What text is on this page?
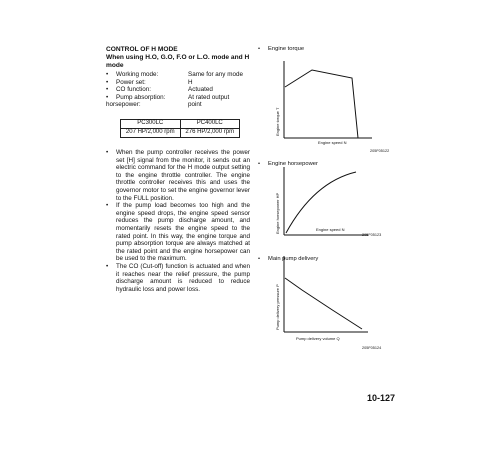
CONTROL OF H MODE
When using H.O, G.O, F.O or L.O. mode and H mode
• Working mode:	Same for any mode
• Power set:	H
• CO function:	Actuated
• Pump absorption:	At rated output
horsepower:	point
PC300LC	PC400LC
207 HP/2,000 rpm	276 HP/2,000 rpm
• When the pump controller receives the power set [H] signal from the monitor, it sends out an electric command for the H mode output setting to the engine throttle controller. The engine throttle controller receives this and uses the governor motor to set the engine governor lever to the FULL position.
• If the pump load becomes too high and the engine speed drops, the engine speed sensor reduces the pump discharge amount, and momentarily resets the engine speed to the rated point. In this way, the engine torque and pump absorption torque are always matched at the rated point and the engine horsepower can be used to the maximum.
• The CO (Cut-off) function is actuated and when it reaches near the relief pressure, the pump discharge amount is reduced to reduce hydraulic loss and power loss.
• Engine torque
Engine torque T
Engine speed N
205F05122
• Engine horsepower
Engine horsepower HP	Engine speed N
205F05123
• Main pump delivery
Pump delivery pressure P
Pump delivery volume Q
205F05124
10-127
